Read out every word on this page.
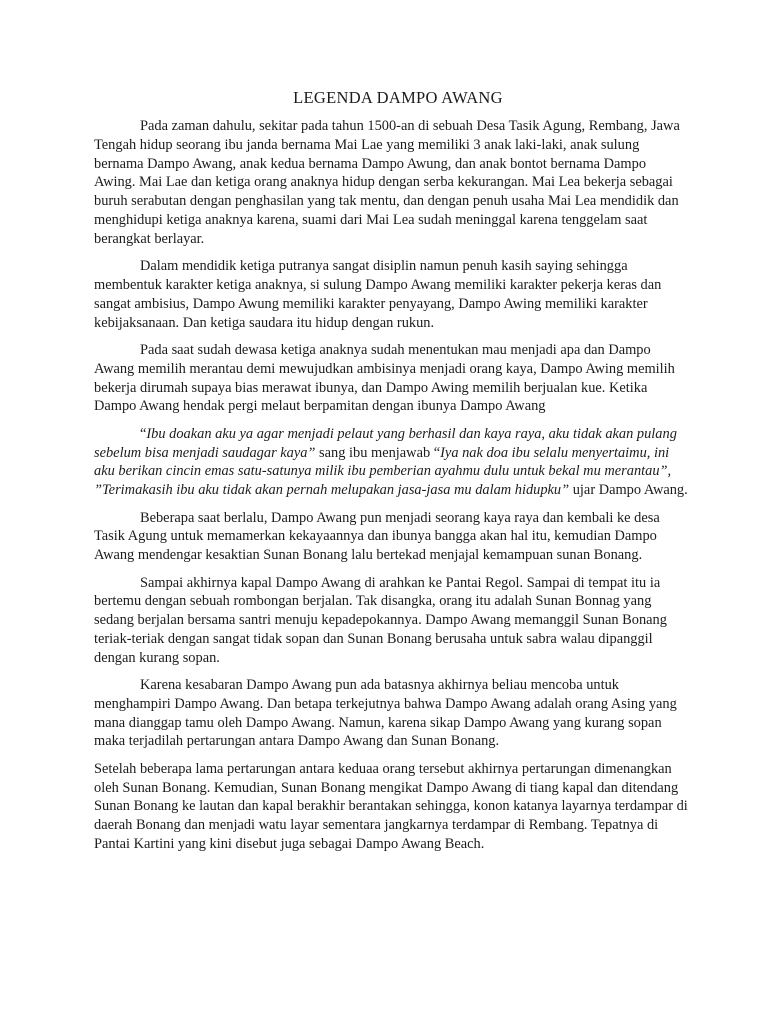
LEGENDA DAMPO AWANG

Pada zaman dahulu, sekitar pada tahun 1500-an di sebuah Desa Tasik Agung, Rembang, Jawa Tengah hidup seorang ibu janda bernama Mai Lae yang memiliki 3 anak laki-laki, anak sulung bernama Dampo Awang, anak kedua bernama Dampo Awung, dan anak bontot bernama Dampo Awing. Mai Lae dan ketiga orang anaknya hidup dengan serba kekurangan. Mai Lea bekerja sebagai buruh serabutan dengan penghasilan yang tak mentu, dan dengan penuh usaha Mai Lea mendidik dan menghidupi ketiga anaknya karena, suami dari Mai Lea sudah meninggal karena tenggelam saat berangkat berlayar.

Dalam mendidik ketiga putranya sangat disiplin namun penuh kasih saying sehingga membentuk karakter ketiga anaknya, si sulung Dampo Awang memiliki karakter pekerja keras dan sangat ambisius, Dampo Awung memiliki karakter penyayang, Dampo Awing memiliki karakter kebijaksanaan. Dan ketiga saudara itu hidup dengan rukun.

Pada saat sudah dewasa ketiga anaknya sudah menentukan mau menjadi apa dan Dampo Awang memilih merantau demi mewujudkan ambisinya menjadi orang kaya, Dampo Awing memilih bekerja dirumah supaya bias merawat ibunya, dan Dampo Awing memilih berjualan kue. Ketika Dampo Awang hendak pergi melaut berpamitan dengan ibunya Dampo Awang

“Ibu doakan aku ya agar menjadi pelaut yang berhasil dan kaya raya, aku tidak akan pulang sebelum bisa menjadi saudagar kaya” sang ibu menjawab “Iya nak doa ibu selalu menyertaimu, ini aku berikan cincin emas satu-satunya milik ibu pemberian ayahmu dulu untuk bekal mu merantau”, ”Terimakasih ibu aku tidak akan pernah melupakan jasa-jasa mu dalam hidupku” ujar Dampo Awang.

Beberapa saat berlalu, Dampo Awang pun menjadi seorang kaya raya dan kembali ke desa Tasik Agung untuk memamerkan kekayaannya dan ibunya bangga akan hal itu, kemudian Dampo Awang mendengar kesaktian Sunan Bonang lalu bertekad menjajal kemampuan sunan Bonang.

Sampai akhirnya kapal Dampo Awang di arahkan ke Pantai Regol. Sampai di tempat itu ia bertemu dengan sebuah rombongan berjalan. Tak disangka, orang itu adalah Sunan Bonnag yang sedang berjalan bersama santri menuju kepadepokannya. Dampo Awang memanggil Sunan Bonang teriak-teriak dengan sangat tidak sopan dan Sunan Bonang berusaha untuk sabra walau dipanggil dengan kurang sopan.

Karena kesabaran Dampo Awang pun ada batasnya akhirnya beliau mencoba untuk menghampiri Dampo Awang. Dan betapa terkejutnya bahwa Dampo Awang adalah orang Asing yang mana dianggap tamu oleh Dampo Awang. Namun, karena sikap Dampo Awang yang kurang sopan maka terjadilah pertarungan antara Dampo Awang dan Sunan Bonang.

Setelah beberapa lama pertarungan antara keduaa orang tersebut akhirnya pertarungan dimenangkan oleh Sunan Bonang. Kemudian, Sunan Bonang mengikat Dampo Awang di tiang kapal dan ditendang Sunan Bonang ke lautan dan kapal berakhir berantakan sehingga, konon katanya layarnya terdampar di daerah Bonang dan menjadi watu layar sementara jangkarnya terdampar di Rembang. Tepatnya di Pantai Kartini yang kini disebut juga sebagai Dampo Awang Beach.
